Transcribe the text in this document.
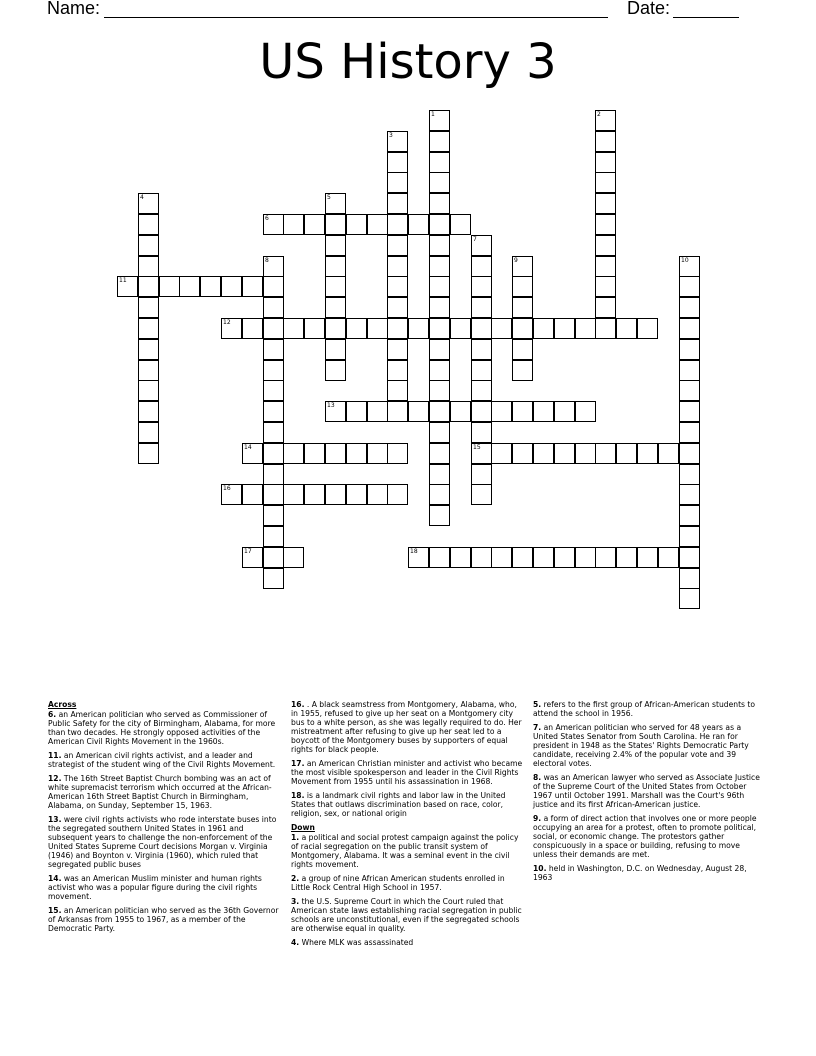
Name:	Date:
US History 3
1	2
3
4	5
6
7
15
8	9	10
11
12
13
14
16
17	18
Across
6. an American politician who served as Commissioner of Public Safety for the city of Birmingham, Alabama, for more than two decades. He strongly opposed activities of the American Civil Rights Movement in the 1960s.
11. an American civil rights activist, and a leader and strategist of the student wing of the Civil Rights Movement.
12. The 16th Street Baptist Church bombing was an act of white supremacist terrorism which occurred at the African-American 16th Street Baptist Church in Birmingham, Alabama, on Sunday, September 15, 1963.
13. were civil rights activists who rode interstate buses into the segregated southern United States in 1961 and subsequent years to challenge the non-enforcement of the United States Supreme Court decisions Morgan v. Virginia (1946) and Boynton v. Virginia (1960), which ruled that segregated public buses
14. was an American Muslim minister and human rights activist who was a popular figure during the civil rights movement.
15. an American politician who served as the 36th Governor of Arkansas from 1955 to 1967, as a member of the Democratic Party.
16. . A black seamstress from Montgomery, Alabama, who, in 1955, refused to give up her seat on a Montgomery city bus to a white person, as she was legally required to do. Her mistreatment after refusing to give up her seat led to a boycott of the Montgomery buses by supporters of equal rights for black people.
17. an American Christian minister and activist who became the most visible spokesperson and leader in the Civil Rights Movement from 1955 until his assassination in 1968.
18. is a landmark civil rights and labor law in the United States that outlaws discrimination based on race, color, religion, sex, or national origin
Down
1. a political and social protest campaign against the policy of racial segregation on the public transit system of Montgomery, Alabama. It was a seminal event in the civil rights movement.
2. a group of nine African American students enrolled in Little Rock Central High School in 1957.
3. the U.S. Supreme Court in which the Court ruled that American state laws establishing racial segregation in public schools are unconstitutional, even if the segregated schools are otherwise equal in quality.
4. Where MLK was assassinated
5. refers to the first group of African-American students to attend the school in 1956.
7. an American politician who served for 48 years as a United States Senator from South Carolina. He ran for president in 1948 as the States' Rights Democratic Party candidate, receiving 2.4% of the popular vote and 39 electoral votes.
8. was an American lawyer who served as Associate Justice of the Supreme Court of the United States from October 1967 until October 1991. Marshall was the Court's 96th justice and its first African-American justice.
9. a form of direct action that involves one or more people occupying an area for a protest, often to promote political, social, or economic change. The protestors gather conspicuously in a space or building, refusing to move unless their demands are met.
10. held in Washington, D.C. on Wednesday, August 28, 1963
